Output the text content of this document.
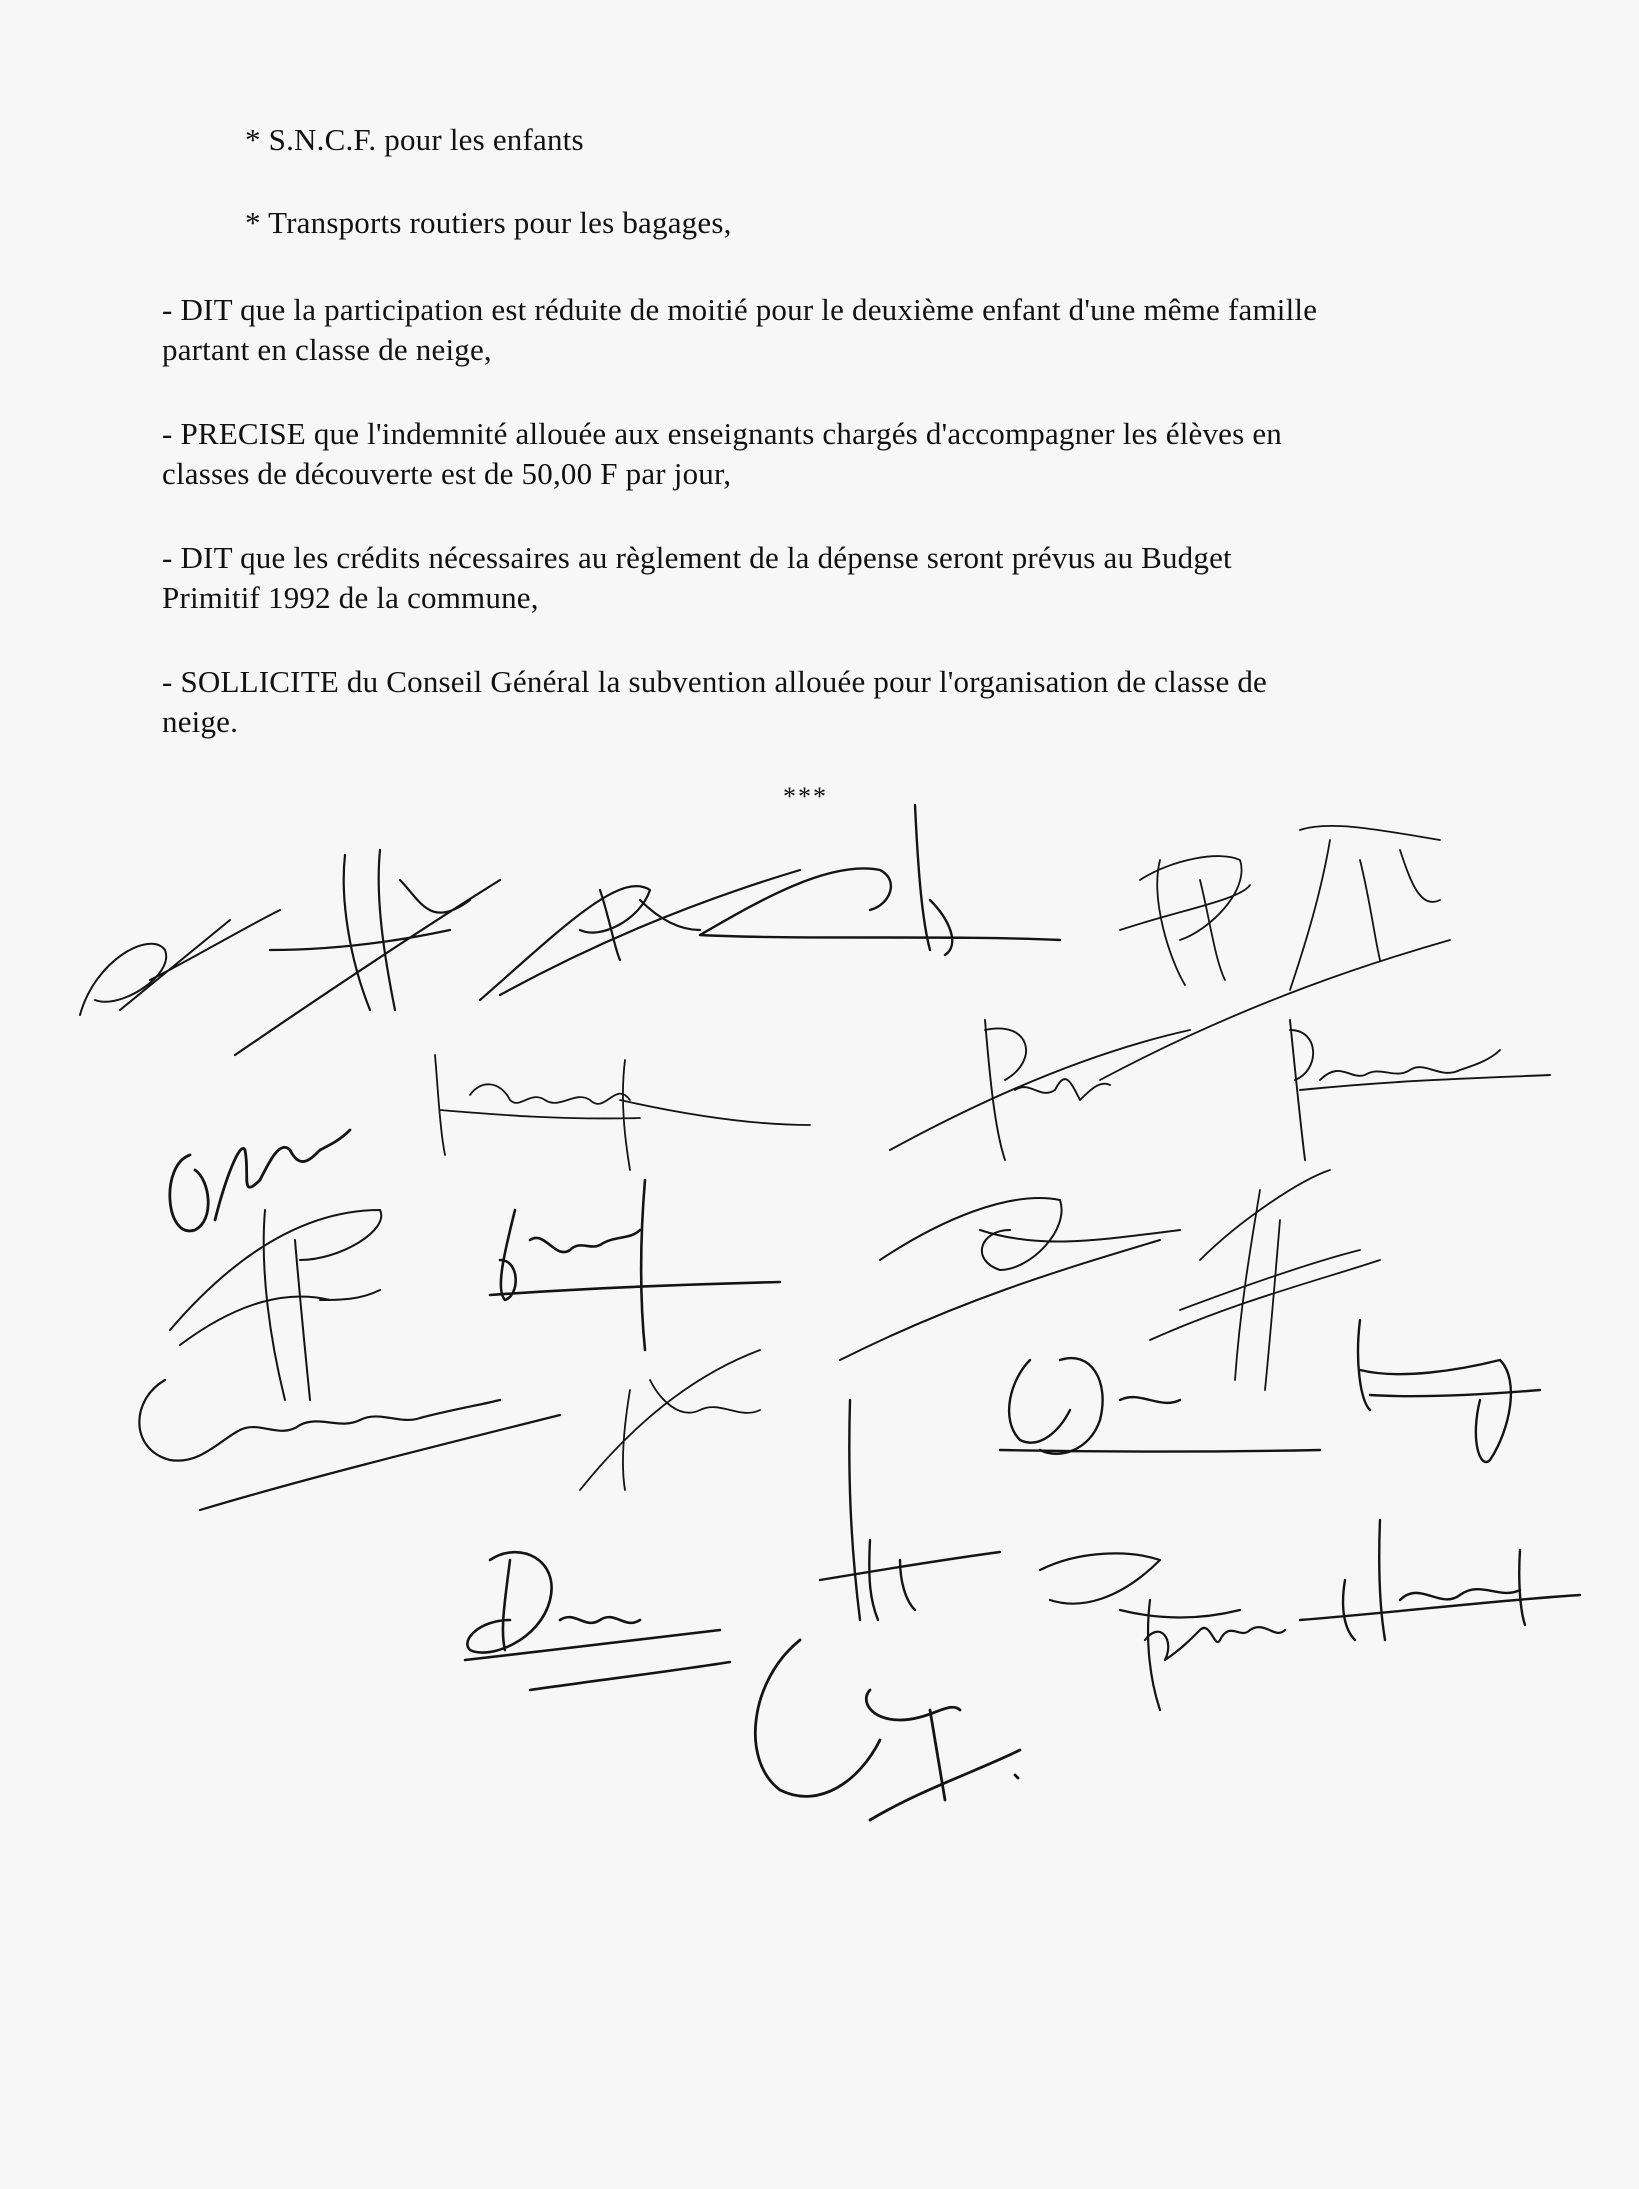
* S.N.C.F. pour les enfants
* Transports routiers pour les bagages,
- DIT que la participation est réduite de moitié pour le deuxième enfant d'une même famille
partant en classe de neige,
- PRECISE que l'indemnité allouée aux enseignants chargés d'accompagner les élèves en
classes de découverte est de 50,00 F par jour,
- DIT que les crédits nécessaires au règlement de la dépense seront prévus au Budget
Primitif 1992 de la commune,
- SOLLICITE du Conseil Général la subvention allouée pour l'organisation de classe de
neige.
***
